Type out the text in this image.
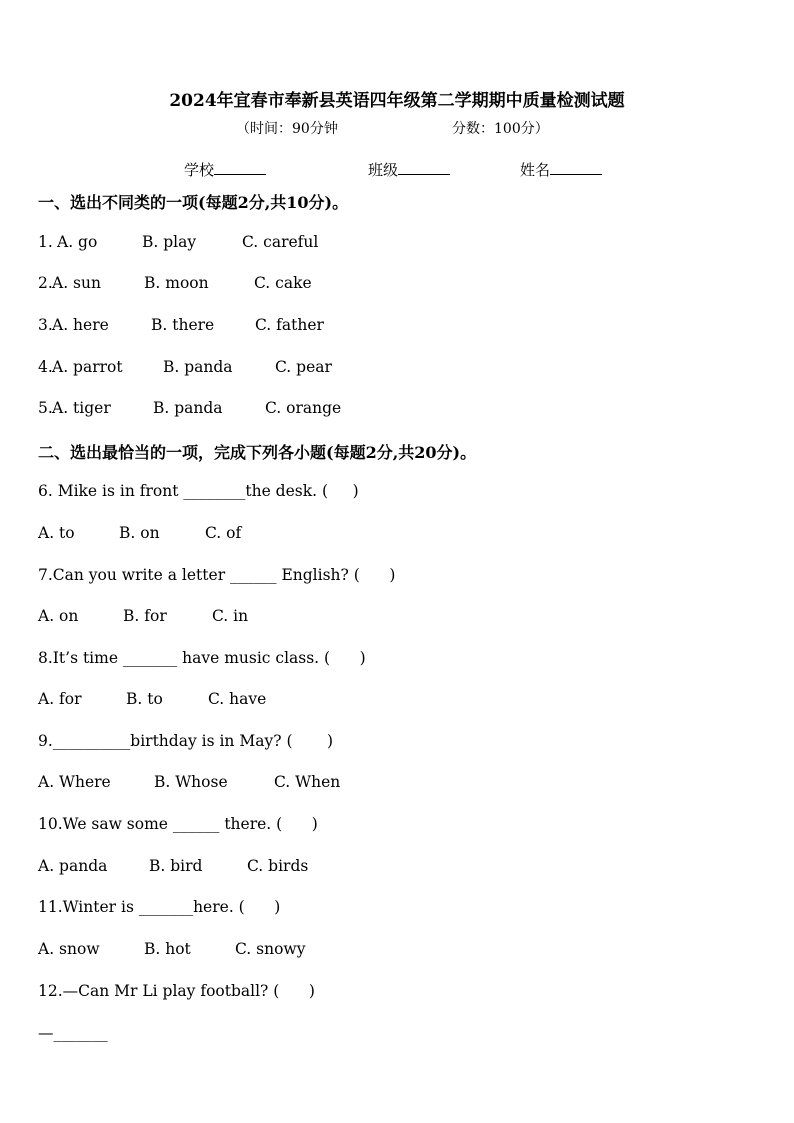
2024年宜春市奉新县英语四年级第二学期期中质量检测试题
（时间：90分钟	分数：100分）
学校	班级	姓名
一、选出不同类的一项(每题2分,共10分)。
1. A. go	B. play	C. careful
2. A. sun	B. moon	C. cake
3. A. here	B. there	C. father
4. A. parrot	B. panda	C. pear
5. A. tiger	B. panda	C. orange
二、选出最恰当的一项，完成下列各小题(每题2分,共20分)。
6. Mike is in front ________the desk. (     )
A. to	B. on	C. of
7.Can you write a letter ______ English? (      )
A. on	B. for	C. in
8.It’s time _______ have music class. (      )
A. for	B. to	C. have
9.__________birthday is in May? (       )
A. Where	B. Whose	C. When
10.We saw some ______ there. (      )
A. panda	B. bird	C. birds
11.Winter is _______here. (      )
A. snow	B. hot	C. snowy
12.—Can Mr Li play football? (      )
—_______
